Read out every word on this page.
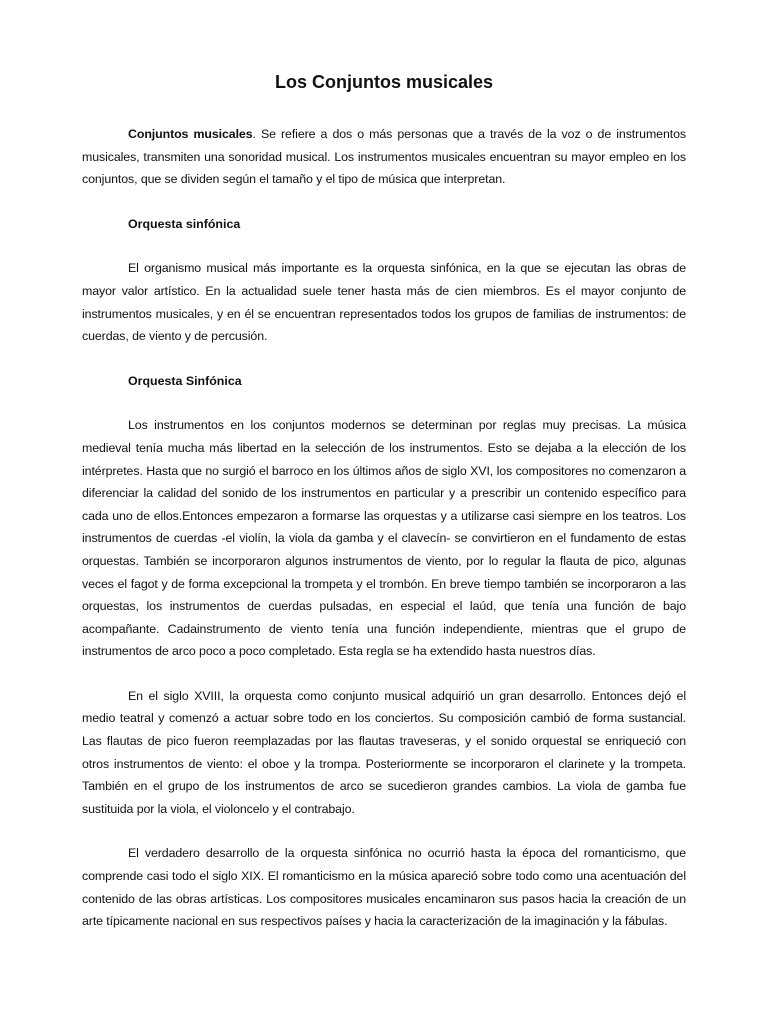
Los Conjuntos musicales

Conjuntos musicales. Se refiere a dos o más personas que a través de la voz o de instrumentos musicales, transmiten una sonoridad musical. Los instrumentos musicales encuentran su mayor empleo en los conjuntos, que se dividen según el tamaño y el tipo de música que interpretan.

Orquesta sinfónica

El organismo musical más importante es la orquesta sinfónica, en la que se ejecutan las obras de mayor valor artístico. En la actualidad suele tener hasta más de cien miembros. Es el mayor conjunto de instrumentos musicales, y en él se encuentran representados todos los grupos de familias de instrumentos: de cuerdas, de viento y de percusión.

Orquesta Sinfónica

Los instrumentos en los conjuntos modernos se determinan por reglas muy precisas. La música medieval tenía mucha más libertad en la selección de los instrumentos. Esto se dejaba a la elección de los intérpretes. Hasta que no surgió el barroco en los últimos años de siglo XVI, los compositores no comenzaron a diferenciar la calidad del sonido de los instrumentos en particular y a prescribir un contenido específico para cada uno de ellos.Entonces empezaron a formarse las orquestas y a utilizarse casi siempre en los teatros. Los instrumentos de cuerdas -el violín, la viola da gamba y el clavecín- se convirtieron en el fundamento de estas orquestas. También se incorporaron algunos instrumentos de viento, por lo regular la flauta de pico, algunas veces el fagot y de forma excepcional la trompeta y el trombón. En breve tiempo también se incorporaron a las orquestas, los instrumentos de cuerdas pulsadas, en especial el laúd, que tenía una función de bajo acompañante. Cadainstrumento de viento tenía una función independiente, mientras que el grupo de instrumentos de arco poco a poco completado. Esta regla se ha extendido hasta nuestros días.

En el siglo XVIII, la orquesta como conjunto musical adquirió un gran desarrollo. Entonces dejó el medio teatral y comenzó a actuar sobre todo en los conciertos. Su composición cambió de forma sustancial. Las flautas de pico fueron reemplazadas por las flautas traveseras, y el sonido orquestal se enriqueció con otros instrumentos de viento: el oboe y la trompa. Posteriormente se incorporaron el clarinete y la trompeta. También en el grupo de los instrumentos de arco se sucedieron grandes cambios. La viola de gamba fue sustituida por la viola, el violoncelo y el contrabajo.

El verdadero desarrollo de la orquesta sinfónica no ocurrió hasta la época del romanticismo, que comprende casi todo el siglo XIX. El romanticismo en la música apareció sobre todo como una acentuación del contenido de las obras artísticas. Los compositores musicales encaminaron sus pasos hacia la creación de un arte típicamente nacional en sus respectivos países y hacia la caracterización de la imaginación y la fábulas.
